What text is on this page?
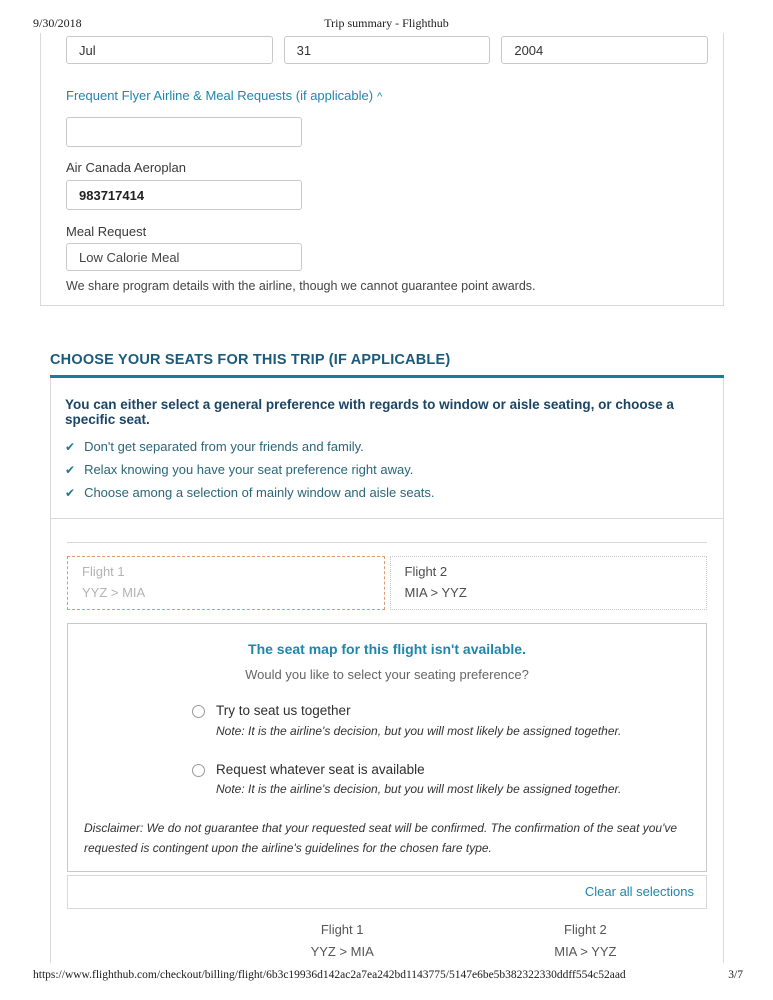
9/30/2018	Trip summary - Flighthub
Jul
31
2004
Frequent Flyer Airline & Meal Requests (if applicable) ^
Air Canada Aeroplan
983717414
Meal Request
Low Calorie Meal

We share program details with the airline, though we cannot guarantee point awards.

CHOOSE YOUR SEATS FOR THIS TRIP (IF APPLICABLE)

You can either select a general preference with regards to window or aisle seating, or choose a specific seat.

✔ Don't get separated from your friends and family.
✔ Relax knowing you have your seat preference right away.
✔ Choose among a selection of mainly window and aisle seats.
Flight 1
YYZ > MIA
Flight 2
MIA > YYZ
The seat map for this flight isn't available.

Would you like to select your seating preference?

Try to seat us together
Note: It is the airline's decision, but you will most likely be assigned together.
Request whatever seat is available
Note: It is the airline's decision, but you will most likely be assigned together.

Disclaimer: We do not guarantee that your requested seat will be confirmed. The confirmation of the seat you've requested is contingent upon the airline's guidelines for the chosen fare type.

Clear all selections
Flight 1
YYZ > MIA
Flight 2
MIA > YYZ
https://www.flighthub.com/checkout/billing/flight/6b3c19936d142ac2a7ea242bd1143775/5147e6be5b382322330ddff554c52aad	3/7
